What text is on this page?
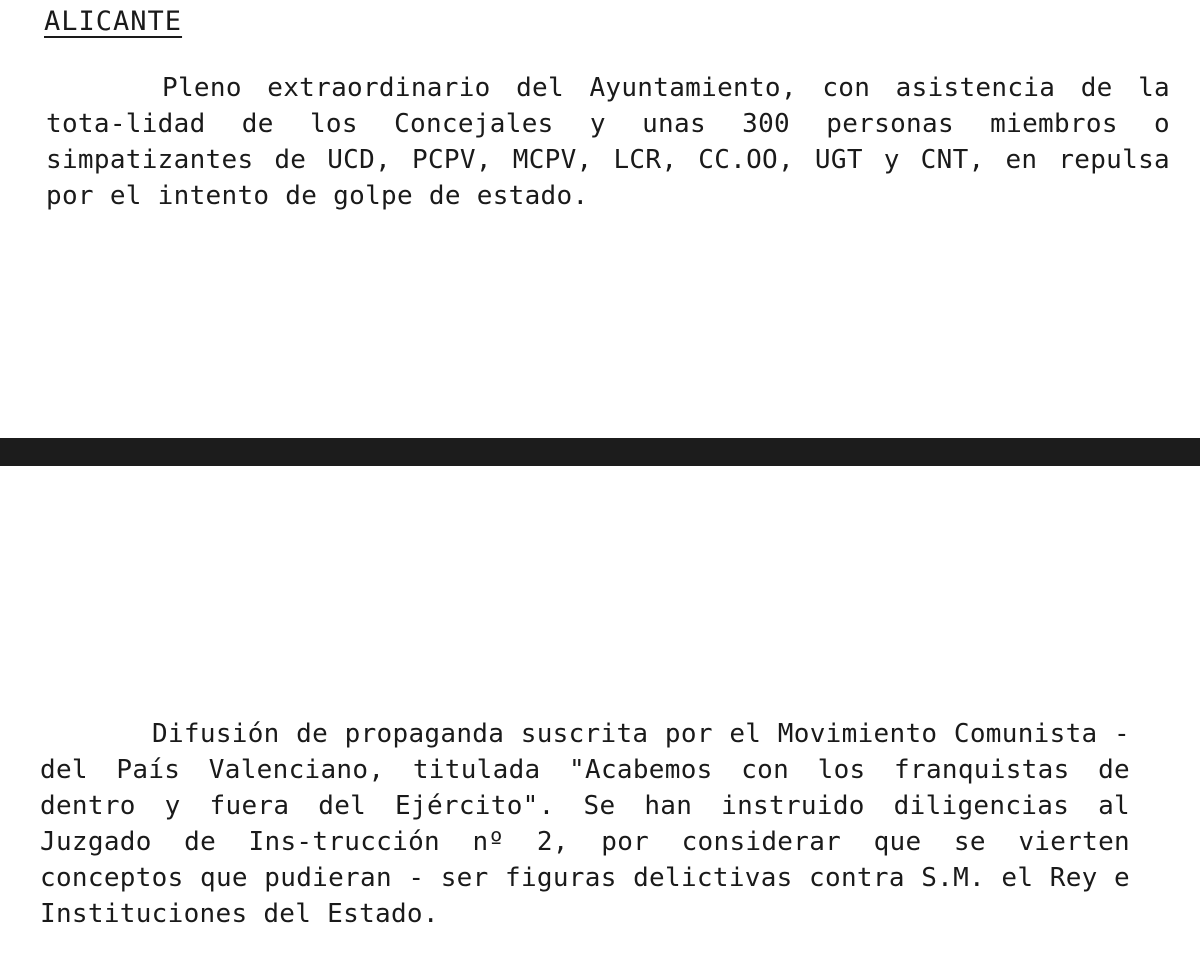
ALICANTE

Pleno extraordinario del Ayuntamiento, con asistencia de la tota-lidad de los Concejales y unas 300 personas miembros o simpatizantes de UCD, PCPV, MCPV, LCR, CC.OO, UGT y CNT, en repulsa por el intento de golpe de estado.

Difusión de propaganda suscrita por el Movimiento Comunista - del País Valenciano, titulada "Acabemos con los franquistas de dentro y fuera del Ejército". Se han instruido diligencias al Juzgado de Ins-trucción nº 2, por considerar que se vierten conceptos que pudieran - ser figuras delictivas contra S.M. el Rey e Instituciones del Estado.
